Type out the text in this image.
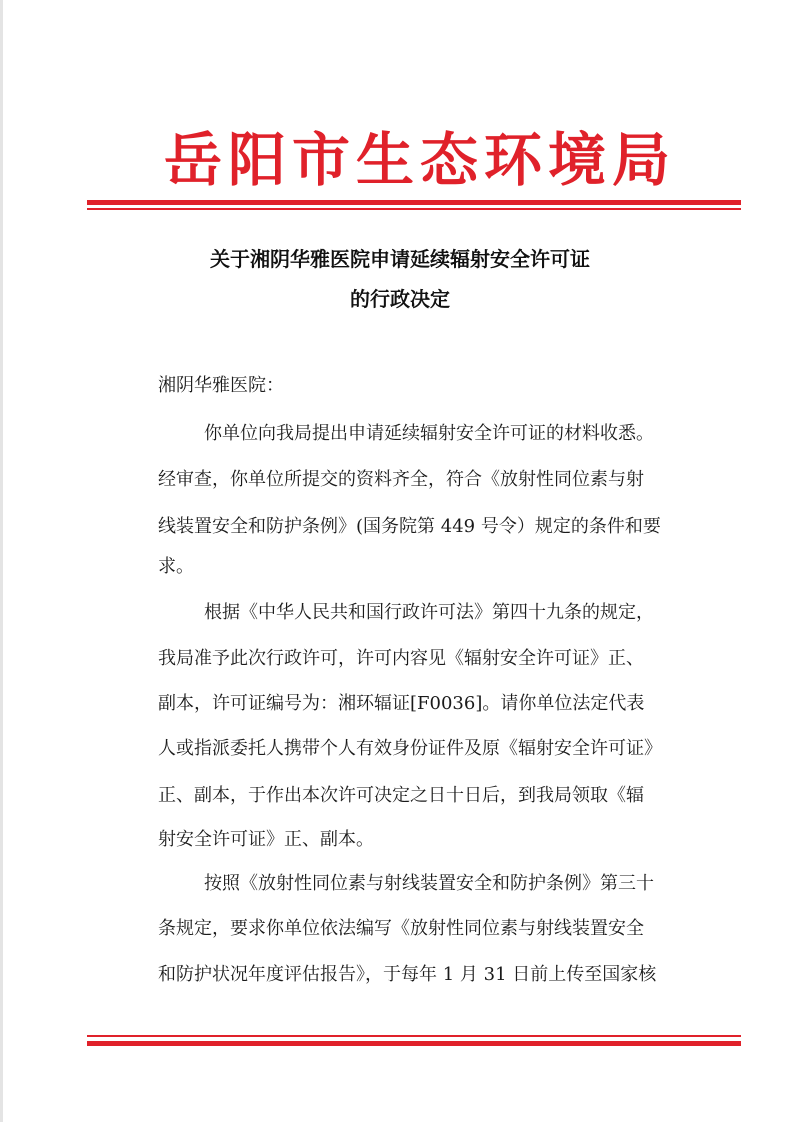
岳阳市生态环境局
关于湘阴华雅医院申请延续辐射安全许可证
的行政决定
湘阴华雅医院：
你单位向我局提出申请延续辐射安全许可证的材料收悉。
经审查，你单位所提交的资料齐全，符合《放射性同位素与射
线装置安全和防护条例》(国务院第 449 号令）规定的条件和要
求。
根据《中华人民共和国行政许可法》第四十九条的规定，
我局准予此次行政许可，许可内容见《辐射安全许可证》正、
副本，许可证编号为：湘环辐证[F0036]。请你单位法定代表
人或指派委托人携带个人有效身份证件及原《辐射安全许可证》
正、副本，于作出本次许可决定之日十日后，到我局领取《辐
射安全许可证》正、副本。
按照《放射性同位素与射线装置安全和防护条例》第三十
条规定，要求你单位依法编写《放射性同位素与射线装置安全
和防护状况年度评估报告》，于每年 1 月 31 日前上传至国家核
